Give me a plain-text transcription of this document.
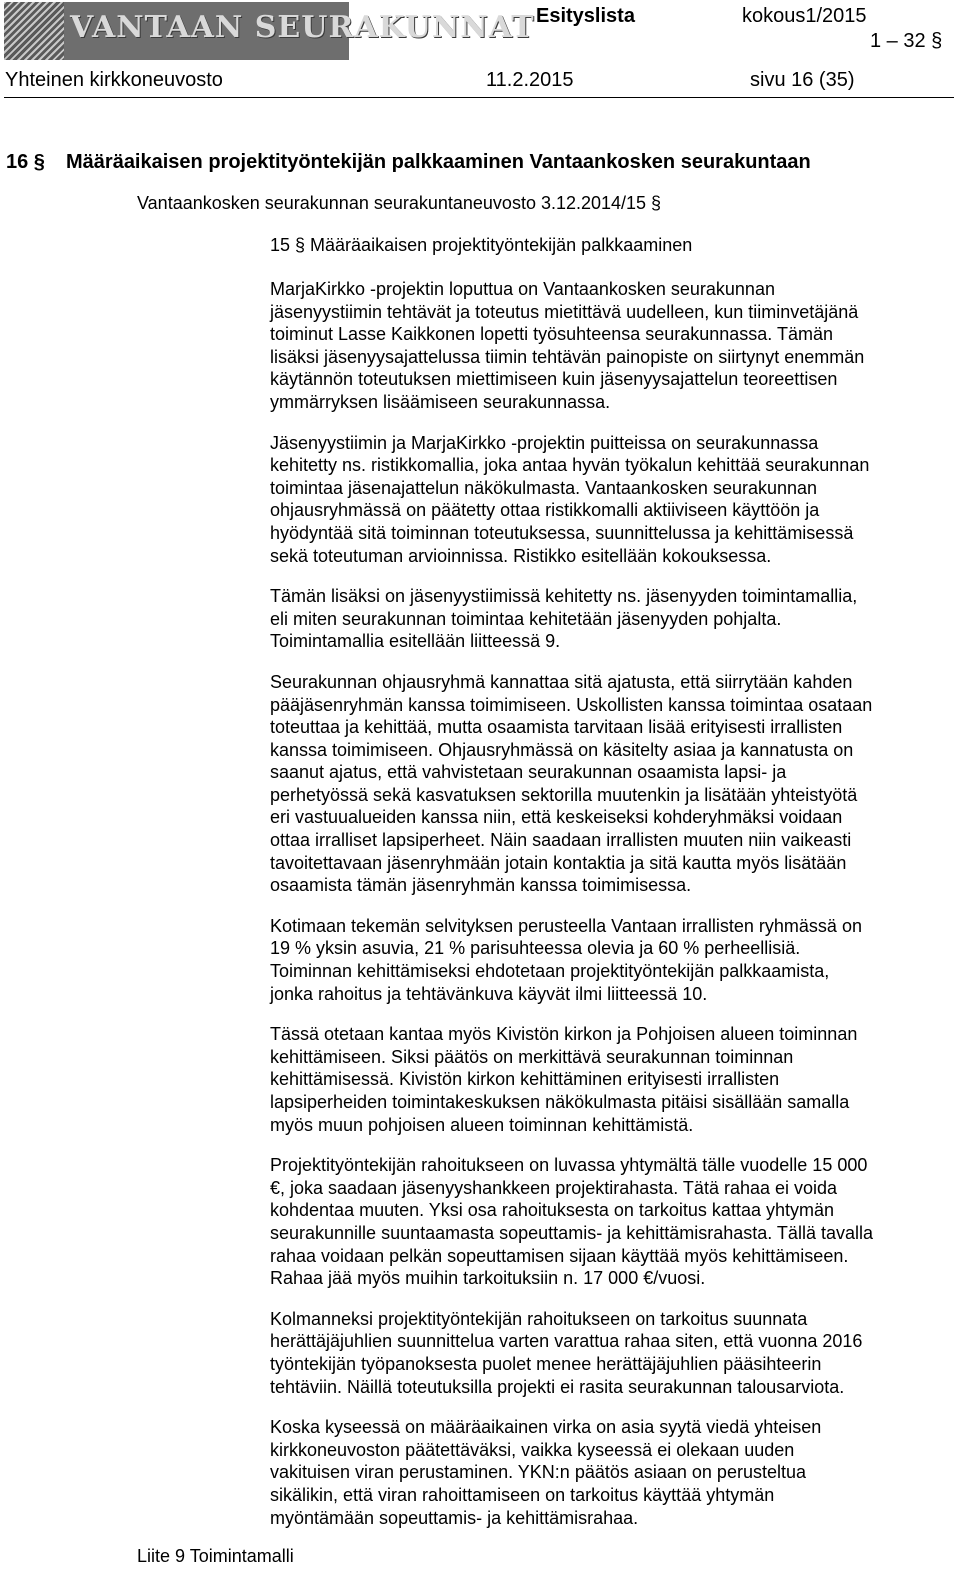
VANTAAN SEURAKUNNAT Esityslista	kokous1/2015
1 – 32 §
Yhteinen kirkkoneuvosto	11.2.2015	sivu 16 (35)
16 § Määräaikaisen projektityöntekijän palkkaaminen Vantaankosken seurakuntaan
Vantaankosken seurakunnan seurakuntaneuvosto 3.12.2014/15 §
15 § Määräaikaisen projektityöntekijän palkkaaminen

MarjaKirkko -projektin loputtua on Vantaankosken seurakunnan
jäsenyystiimin tehtävät ja toteutus mietittävä uudelleen, kun tiiminvetäjänä
toiminut Lasse Kaikkonen lopetti työsuhteensa seurakunnassa. Tämän
lisäksi jäsenyysajattelussa tiimin tehtävän painopiste on siirtynyt enemmän
käytännön toteutuksen miettimiseen kuin jäsenyysajattelun teoreettisen
ymmärryksen lisäämiseen seurakunnassa.

Jäsenyystiimin ja MarjaKirkko -projektin puitteissa on seurakunnassa
kehitetty ns. ristikkomallia, joka antaa hyvän työkalun kehittää seurakunnan
toimintaa jäsenajattelun näkökulmasta. Vantaankosken seurakunnan
ohjausryhmässä on päätetty ottaa ristikkomalli aktiiviseen käyttöön ja
hyödyntää sitä toiminnan toteutuksessa, suunnittelussa ja kehittämisessä
sekä toteutuman arvioinnissa. Ristikko esitellään kokouksessa.

Tämän lisäksi on jäsenyystiimissä kehitetty ns. jäsenyyden toimintamallia,
eli miten seurakunnan toimintaa kehitetään jäsenyyden pohjalta.
Toimintamallia esitellään liitteessä 9.

Seurakunnan ohjausryhmä kannattaa sitä ajatusta, että siirrytään kahden
pääjäsenryhmän kanssa toimimiseen. Uskollisten kanssa toimintaa osataan
toteuttaa ja kehittää, mutta osaamista tarvitaan lisää erityisesti irrallisten
kanssa toimimiseen. Ohjausryhmässä on käsitelty asiaa ja kannatusta on
saanut ajatus, että vahvistetaan seurakunnan osaamista lapsi- ja
perhetyössä sekä kasvatuksen sektorilla muutenkin ja lisätään yhteistyötä
eri vastuualueiden kanssa niin, että keskeiseksi kohderyhmäksi voidaan
ottaa irralliset lapsiperheet. Näin saadaan irrallisten muuten niin vaikeasti
tavoitettavaan jäsenryhmään jotain kontaktia ja sitä kautta myös lisätään
osaamista tämän jäsenryhmän kanssa toimimisessa.

Kotimaan tekemän selvityksen perusteella Vantaan irrallisten ryhmässä on
19 % yksin asuvia, 21 % parisuhteessa olevia ja 60 % perheellisiä.
Toiminnan kehittämiseksi ehdotetaan projektityöntekijän palkkaamista,
jonka rahoitus ja tehtävänkuva käyvät ilmi liitteessä 10.

Tässä otetaan kantaa myös Kivistön kirkon ja Pohjoisen alueen toiminnan
kehittämiseen. Siksi päätös on merkittävä seurakunnan toiminnan
kehittämisessä. Kivistön kirkon kehittäminen erityisesti irrallisten
lapsiperheiden toimintakeskuksen näkökulmasta pitäisi sisällään samalla
myös muun pohjoisen alueen toiminnan kehittämistä.

Projektityöntekijän rahoitukseen on luvassa yhtymältä tälle vuodelle 15 000
€, joka saadaan jäsenyyshankkeen projektirahasta. Tätä rahaa ei voida
kohdentaa muuten. Yksi osa rahoituksesta on tarkoitus kattaa yhtymän
seurakunnille suuntaamasta sopeuttamis- ja kehittämisrahasta. Tällä tavalla
rahaa voidaan pelkän sopeuttamisen sijaan käyttää myös kehittämiseen.
Rahaa jää myös muihin tarkoituksiin n. 17 000 €/vuosi.

Kolmanneksi projektityöntekijän rahoitukseen on tarkoitus suunnata
herättäjäjuhlien suunnittelua varten varattua rahaa siten, että vuonna 2016
työntekijän työpanoksesta puolet menee herättäjäjuhlien pääsihteerin
tehtäviin. Näillä toteutuksilla projekti ei rasita seurakunnan talousarviota.

Koska kyseessä on määräaikainen virka on asia syytä viedä yhteisen
kirkkoneuvoston päätettäväksi, vaikka kyseessä ei olekaan uuden
vakituisen viran perustaminen. YKN:n päätös asiaan on perusteltua
sikälikin, että viran rahoittamiseen on tarkoitus käyttää yhtymän
myöntämään sopeuttamis- ja kehittämisrahaa.

Liite 9 Toimintamalli
